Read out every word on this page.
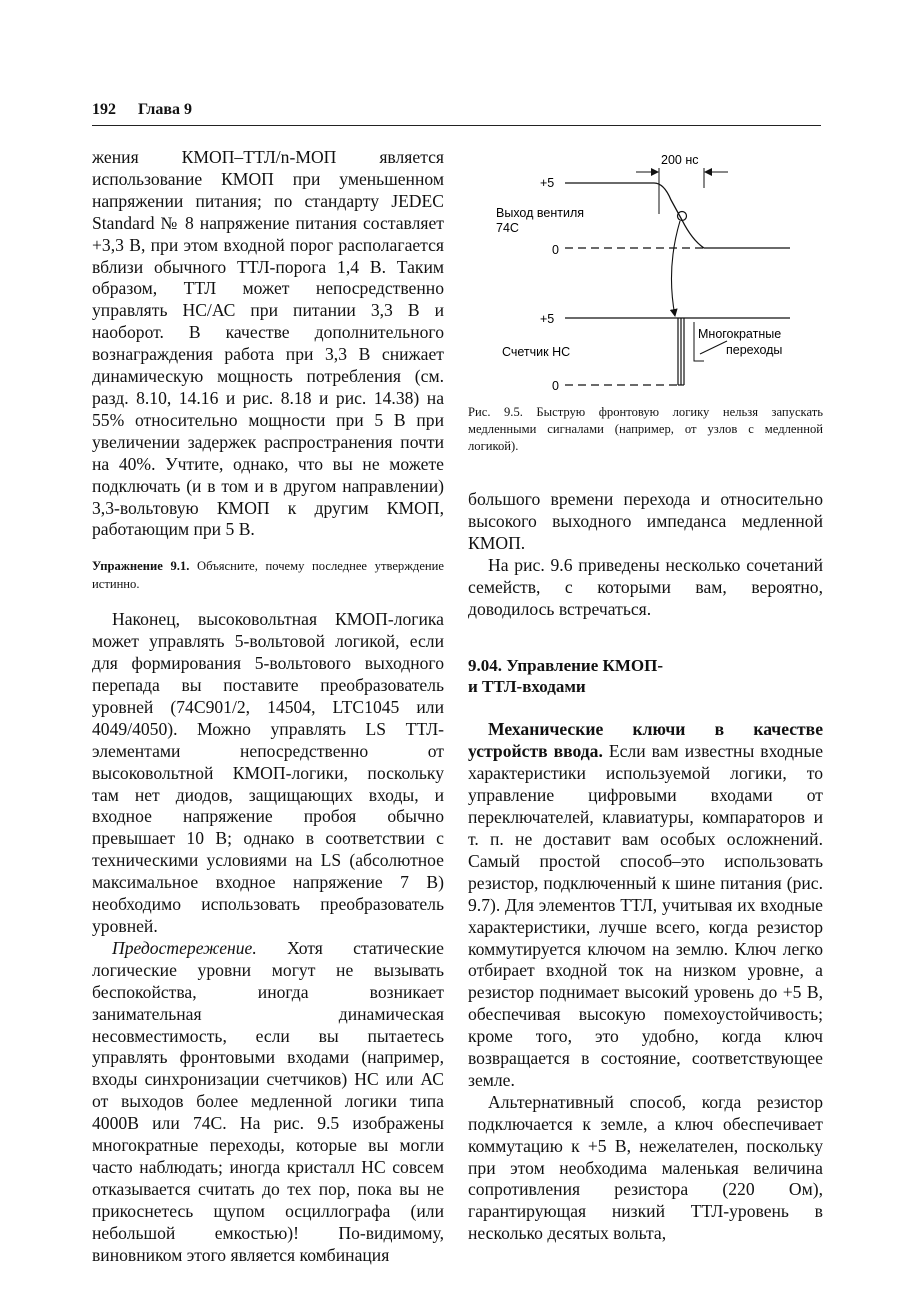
192 Глава 9

жения КМОП–ТТЛ/n-МОП является использование КМОП при уменьшенном напряжении питания; по стандарту JEDEC Standard № 8 напряжение питания составляет +3,3 В, при этом входной порог располагается вблизи обычного ТТЛ-порога 1,4 В. Таким образом, ТТЛ может непосредственно управлять НС/АС при питании 3,3 В и наоборот. В качестве дополнительного вознаграждения работа при 3,3 В снижает динамическую мощность потребления (см. разд. 8.10, 14.16 и рис. 8.18 и рис. 14.38) на 55% относительно мощности при 5 В при увеличении задержек распространения почти на 40%. Учтите, однако, что вы не можете подключать (и в том и в другом направлении) 3,3-вольтовую КМОП к другим КМОП, работающим при 5 В.

Упражнение 9.1. Объясните, почему последнее утверждение истинно.

Наконец, высоковольтная КМОП-логика может управлять 5-вольтовой логикой, если для формирования 5-вольтового выходного перепада вы поставите преобразователь уровней (74С901/2, 14504, LTC1045 или 4049/4050). Можно управлять LS ТТЛ-элементами непосредственно от высоковольтной КМОП-логики, поскольку там нет диодов, защищающих входы, и входное напряжение пробоя обычно превышает 10 В; однако в соответствии с техническими условиями на LS (абсолютное максимальное входное напряжение 7 В) необходимо использовать преобразователь уровней.

Предостережение. Хотя статические логические уровни могут не вызывать беспокойства, иногда возникает занимательная динамическая несовместимость, если вы пытаетесь управлять фронтовыми входами (например, входы синхронизации счетчиков) НС или АС от выходов более медленной логики типа 4000В или 74С. На рис. 9.5 изображены многократные переходы, которые вы могли часто наблюдать; иногда кристалл НС совсем отказывается считать до тех пор, пока вы не прикоснетесь щупом осциллографа (или небольшой емкостью)! По-видимому, виновником этого является комбинация

200 нс
+5
Выход вентиля
74С
0
+5
Счетчик НС
0
Многократные
переходы
Рис. 9.5. Быструю фронтовую логику нельзя запускать медленными сигналами (например, от узлов с медленной логикой).

большого времени перехода и относительно высокого выходного импеданса медленной КМОП.

На рис. 9.6 приведены несколько сочетаний семейств, с которыми вам, вероятно, доводилось встречаться.

9.04. Управление КМОП-
и ТТЛ-входами

Механические ключи в качестве устройств ввода. Если вам известны входные характеристики используемой логики, то управление цифровыми входами от переключателей, клавиатуры, компараторов и т. п. не доставит вам особых осложнений. Самый простой способ–это использовать резистор, подключенный к шине питания (рис. 9.7). Для элементов ТТЛ, учитывая их входные характеристики, лучше всего, когда резистор коммутируется ключом на землю. Ключ легко отбирает входной ток на низком уровне, а резистор поднимает высокий уровень до +5 В, обеспечивая высокую помехоустойчивость; кроме того, это удобно, когда ключ возвращается в состояние, соответствующее земле.

Альтернативный способ, когда резистор подключается к земле, а ключ обеспечивает коммутацию к +5 В, нежелателен, поскольку при этом необходима маленькая величина сопротивления резистора (220 Ом), гарантирующая низкий ТТЛ-уровень в несколько десятых вольта,
